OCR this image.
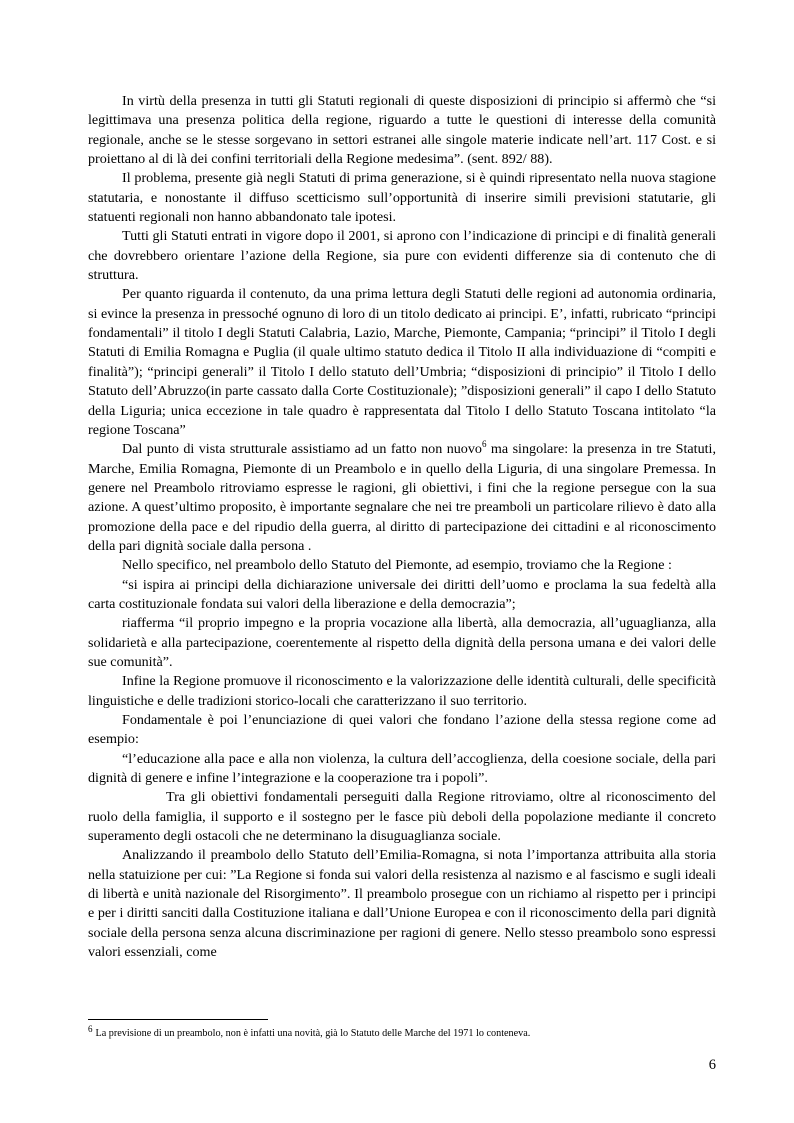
In virtù della presenza in tutti gli Statuti regionali di queste disposizioni di principio si affermò che “si legittimava una presenza politica della regione, riguardo a tutte le questioni di interesse della comunità regionale, anche se le stesse sorgevano in settori estranei alle singole materie indicate nell’art. 117 Cost. e si proiettano al di là dei confini territoriali della Regione medesima”. (sent. 892/ 88).

Il problema, presente già negli Statuti di prima generazione, si è quindi ripresentato nella nuova stagione statutaria, e nonostante il diffuso scetticismo sull’opportunità di inserire simili previsioni statutarie, gli statuenti regionali non hanno abbandonato tale ipotesi.

Tutti gli Statuti entrati in vigore dopo il 2001, si aprono con l’indicazione di principi e di finalità generali che dovrebbero orientare l’azione della Regione, sia pure con evidenti differenze sia di contenuto che di struttura.

Per quanto riguarda il contenuto, da una prima lettura degli Statuti delle regioni ad autonomia ordinaria, si evince la presenza in pressoché ognuno di loro di un titolo dedicato ai principi. E’, infatti, rubricato “principi fondamentali” il titolo I degli Statuti Calabria, Lazio, Marche, Piemonte, Campania; “principi” il Titolo I degli Statuti di Emilia Romagna e Puglia (il quale ultimo statuto dedica il Titolo II alla individuazione di “compiti e finalità”); “principi generali” il Titolo I dello statuto dell’Umbria; “disposizioni di principio” il Titolo I dello Statuto dell’Abruzzo(in parte cassato dalla Corte Costituzionale); ”disposizioni generali” il capo I dello Statuto della Liguria; unica eccezione in tale quadro è rappresentata dal Titolo I dello Statuto Toscana intitolato “la regione Toscana”

Dal punto di vista strutturale assistiamo ad un fatto non nuovo$^6$ ma singolare: la presenza in tre Statuti, Marche, Emilia Romagna, Piemonte di un Preambolo e in quello della Liguria, di una singolare Premessa. In genere nel Preambolo ritroviamo espresse le ragioni, gli obiettivi, i fini che la regione persegue con la sua azione. A quest’ultimo proposito, è importante segnalare che nei tre preamboli un particolare rilievo è dato alla promozione della pace e del ripudio della guerra, al diritto di partecipazione dei cittadini e al riconoscimento della pari dignità sociale dalla persona .

Nello specifico, nel preambolo dello Statuto del Piemonte, ad esempio, troviamo che la Regione :

“si ispira ai principi della dichiarazione universale dei diritti dell’uomo e proclama la sua fedeltà alla carta costituzionale fondata sui valori della liberazione e della democrazia”;

riafferma “il proprio impegno e la propria vocazione alla libertà, alla democrazia, all’uguaglianza, alla solidarietà e alla partecipazione, coerentemente al rispetto della dignità della persona umana e dei valori delle sue comunità”.

Infine la Regione promuove il riconoscimento e la valorizzazione delle identità culturali, delle specificità linguistiche e delle tradizioni storico-locali che caratterizzano il suo territorio.

Fondamentale è poi l’enunciazione di quei valori che fondano l’azione della stessa regione come ad esempio:

“l’educazione alla pace e alla non violenza, la cultura dell’accoglienza, della coesione sociale, della pari dignità di genere e infine l’integrazione e la cooperazione tra i popoli”.

Tra gli obiettivi fondamentali perseguiti dalla Regione ritroviamo, oltre al riconoscimento del ruolo della famiglia, il supporto e il sostegno per le fasce più deboli della popolazione mediante il concreto superamento degli ostacoli che ne determinano la disuguaglianza sociale.

Analizzando il preambolo dello Statuto dell’Emilia-Romagna, si nota l’importanza attribuita alla storia nella statuizione per cui: ”La Regione si fonda sui valori della resistenza al nazismo e al fascismo e sugli ideali di libertà e unità nazionale del Risorgimento”. Il preambolo prosegue con un richiamo al rispetto per i principi e per i diritti sanciti dalla Costituzione italiana e dall’Unione Europea e con il riconoscimento della pari dignità sociale della persona senza alcuna discriminazione per ragioni di genere. Nello stesso preambolo sono espressi valori essenziali, come

$^6$ La previsione di un preambolo, non è infatti una novità, già lo Statuto delle Marche del 1971 lo conteneva.
6
